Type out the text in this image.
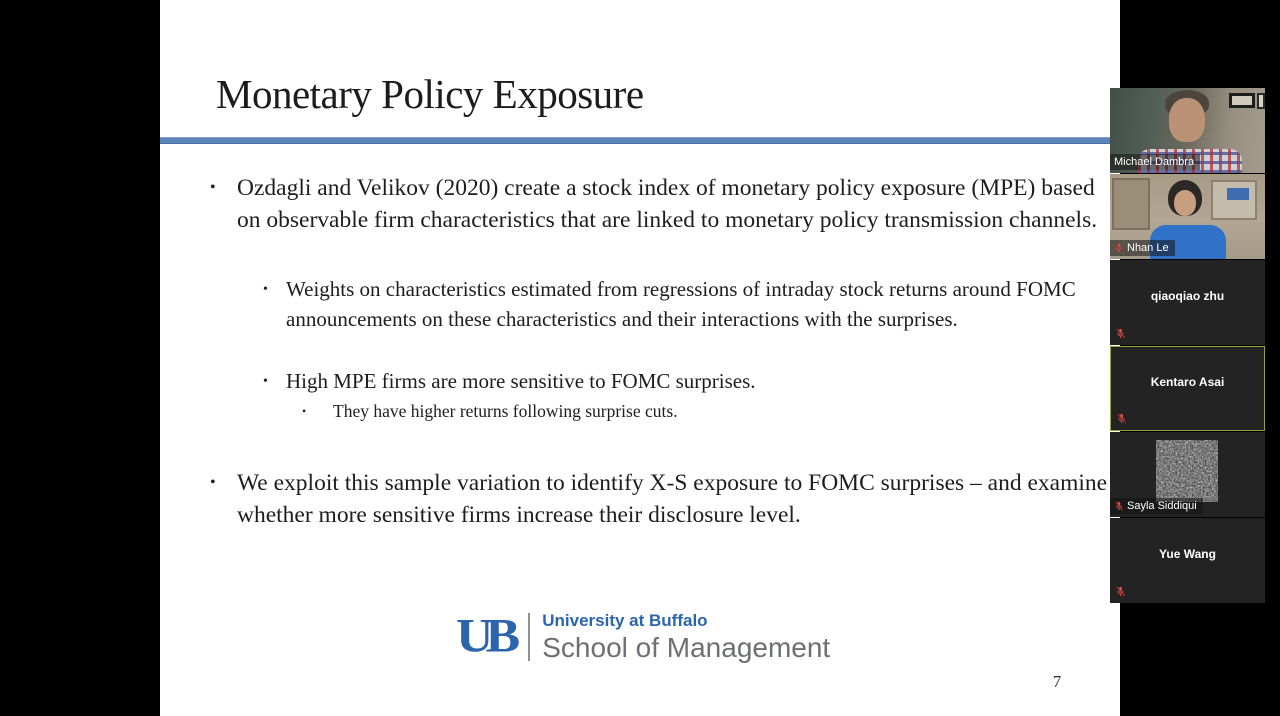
Monetary Policy Exposure
• Ozdagli and Velikov (2020) create a stock index of monetary policy exposure (MPE) based on observable firm characteristics that are linked to monetary policy transmission channels.
• Weights on characteristics estimated from regressions of intraday stock returns around FOMC announcements on these characteristics and their interactions with the surprises.
• High MPE firms are more sensitive to FOMC surprises.
•	They have higher returns following surprise cuts.
• We exploit this sample variation to identify X-S exposure to FOMC surprises – and examine whether more sensitive firms increase their disclosure level.
UB	University at Buffalo
School of Management
7
Michael Dambra
Nhan Le
qiaoqiao zhu
Kentaro Asai
Sayla Siddiqui
Yue Wang
